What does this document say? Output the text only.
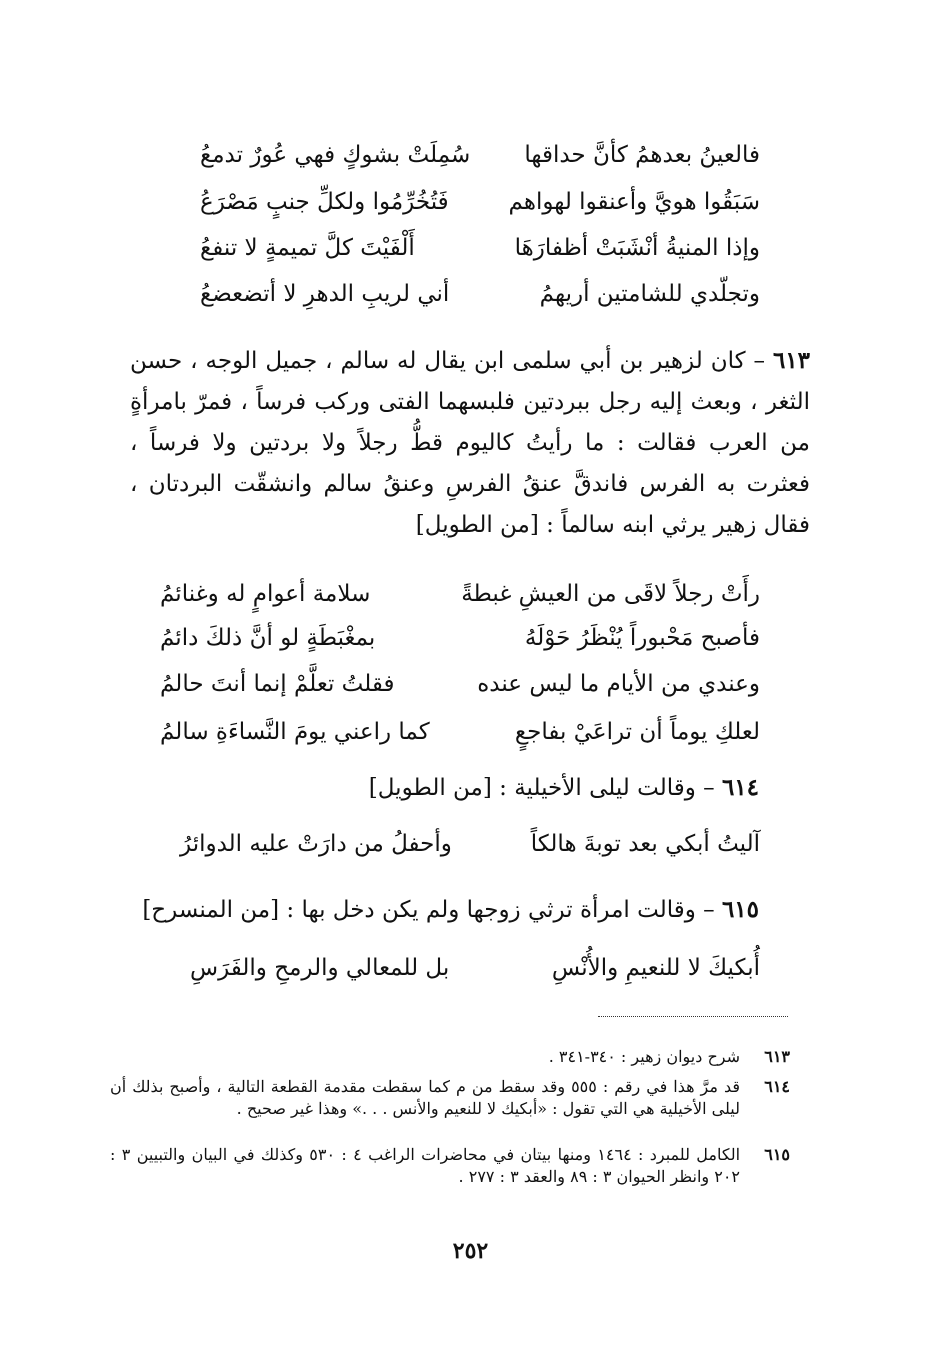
فالعينُ بعدهمُ كأنَّ حداقها
سُمِلَتْ بشوكٍ فهي عُورٌ تدمعُ
سَبَقُوا هويَّ وأعنقوا لهواهم
فَتُخُرِّمُوا ولكلِّ جنبٍ مَصْرَعُ
وإذا المنيةُ أنْشَبَتْ أظفارَهَا
أَلْفَيْتَ كلَّ تميمةٍ لا تنفعُ
وتجلّدي للشامتين أريهمُ
أني لريبِ الدهرِ لا أتضعضعُ
٦١٣ – كان لزهير بن أبي سلمى ابن يقال له سالم ، جميل الوجه ، حسن الثغر ، وبعث إليه رجل ببردتين فلبسهما الفتى وركب فرساً ، فمرّ بامرأةٍ من العرب فقالت : ما رأيتُ كاليوم قطُّ رجلاً ولا بردتين ولا فرساً ، فعثرت به الفرس فاندقَّ عنقُ الفرسِ وعنقُ سالم وانشقّت البردتان ، فقال زهير يرثي ابنه سالماً : [من الطويل]
رأَتْ رجلاً لاقَى من العيشِ غبطةً
سلامة أعوامٍ له وغنائمُ
فأصبح مَحْبوراً يُنْظَرُ حَوْلَهُ
بمغْبَطَةٍ لو أنَّ ذلكَ دائمُ
وعندي من الأيام ما ليس عنده
فقلتُ تعلَّمْ إنما أنتَ حالمُ
لعلكِ يوماً أن تراعَيْ بفاجعٍ
كما راعني يومَ النَّساءَةِ سالمُ
٦١٤ – وقالت ليلى الأخيلية : [من الطويل]
آليتُ أبكي بعد توبةَ هالكاً
وأحفلُ من دارَتْ عليه الدوائرُ
٦١٥ – وقالت امرأة ترثي زوجها ولم يكن دخل بها : [من المنسرح]
أُبكيكَ لا للنعيمِ والأُنْسِ
بل للمعالي والرمحِ والفَرَسِ
٦١٣
شرح ديوان زهير : ٣٤٠-٣٤١ .
٦١٤
قد مرَّ هذا في رقم : ٥٥٥ وقد سقط من م كما سقطت مقدمة القطعة التالية ، وأصبح بذلك أن ليلى الأخيلية هي التي تقول : «أبكيك لا للنعيم والأنس . . .» وهذا غير صحيح .
٦١٥
الكامل للمبرد : ١٤٦٤ ومنها بيتان في محاضرات الراغب ٤ : ٥٣٠ وكذلك في البيان والتبيين ٣ : ٢٠٢ وانظر الحيوان ٣ : ٨٩ والعقد ٣ : ٢٧٧ .
٢٥٢
